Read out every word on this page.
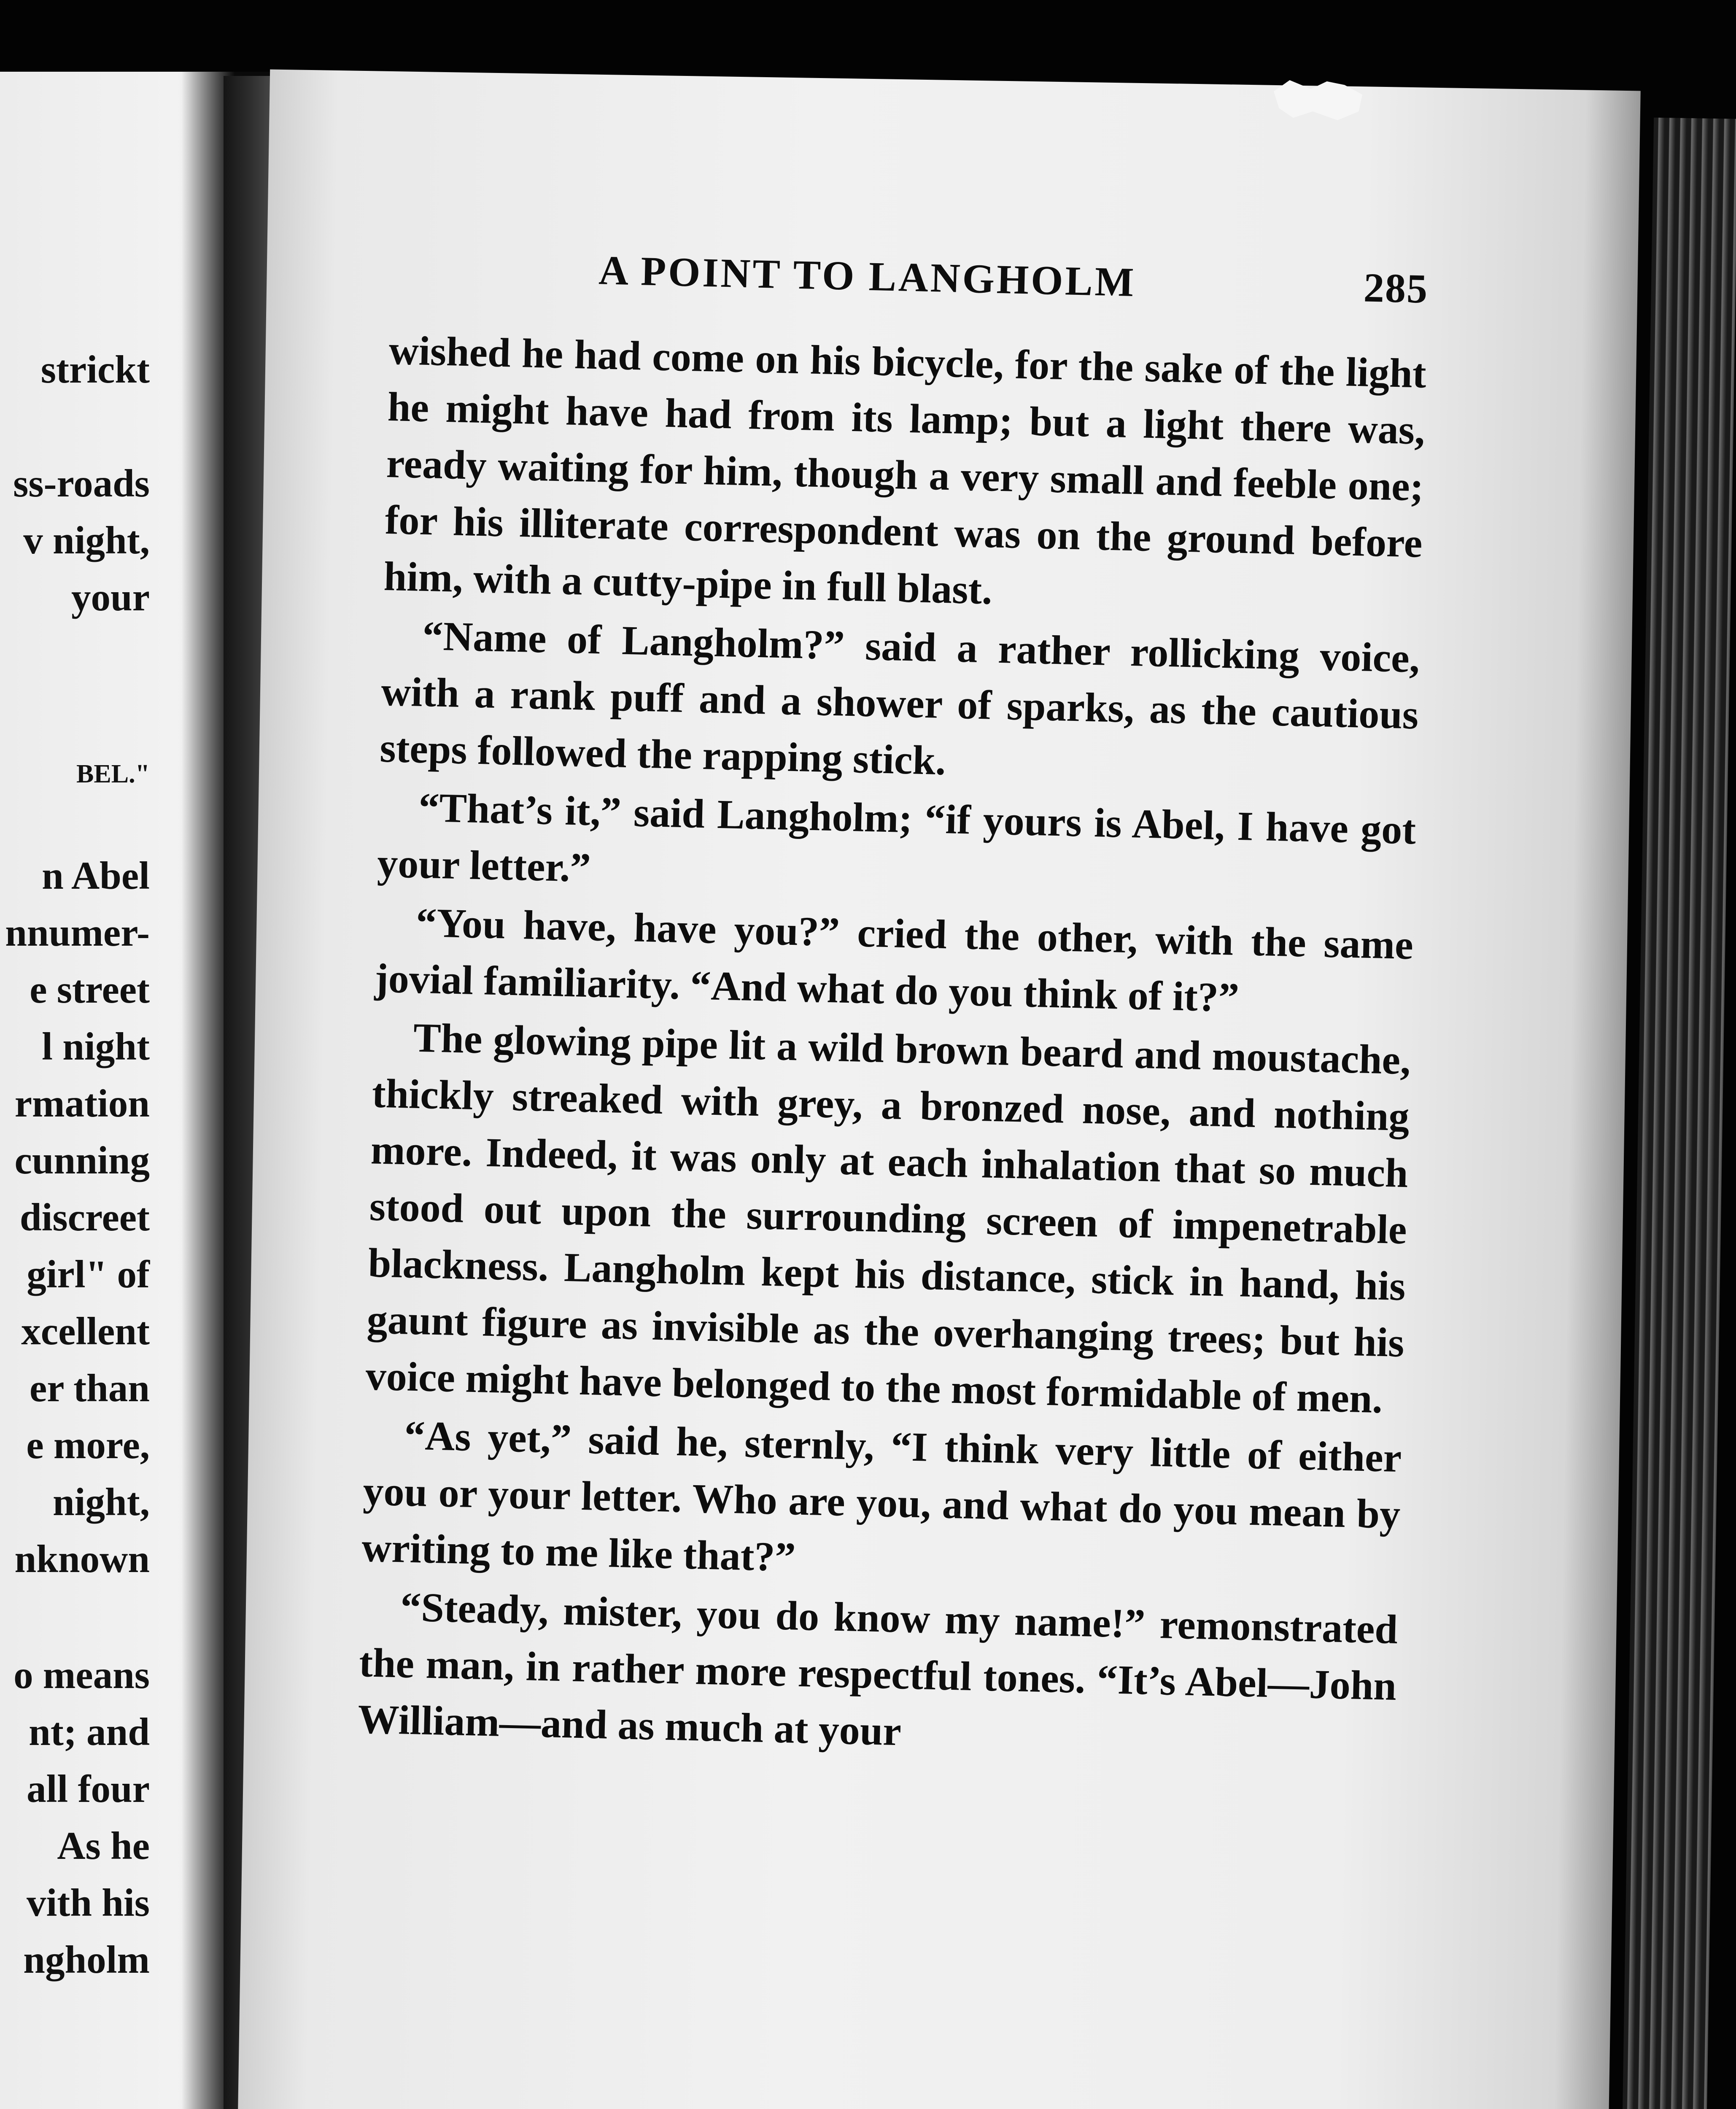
strickt
ss-roads
v night,
your
BEL."
n Abel
nnumer-
e street
l night
rmation
cunning
discreet
girl" of
xcellent
er than
e more,
night,
nknown
o means
nt; and
all four
As he
vith his
ngholm
A POINT TO LANGHOLM	285

wished he had come on his bicycle, for the sake of the light he might have had from its lamp; but a light there was, ready waiting for him, though a very small and feeble one; for his illiterate correspondent was on the ground before him, with a cutty-pipe in full blast.

“Name of Langholm?” said a rather rollicking voice, with a rank puff and a shower of sparks, as the cautious steps followed the rapping stick.

“That’s it,” said Langholm; “if yours is Abel, I have got your letter.”

“You have, have you?” cried the other, with the same jovial familiarity. “And what do you think of it?”

The glowing pipe lit a wild brown beard and moustache, thickly streaked with grey, a bronzed nose, and nothing more. Indeed, it was only at each inhalation that so much stood out upon the surrounding screen of impenetrable blackness. Langholm kept his distance, stick in hand, his gaunt figure as invisible as the overhanging trees; but his voice might have belonged to the most formidable of men.

“As yet,” said he, sternly, “I think very little of either you or your letter. Who are you, and what do you mean by writing to me like that?”

“Steady, mister, you do know my name!” remonstrated the man, in rather more respectful tones. “It’s Abel—John William—and as much at your
